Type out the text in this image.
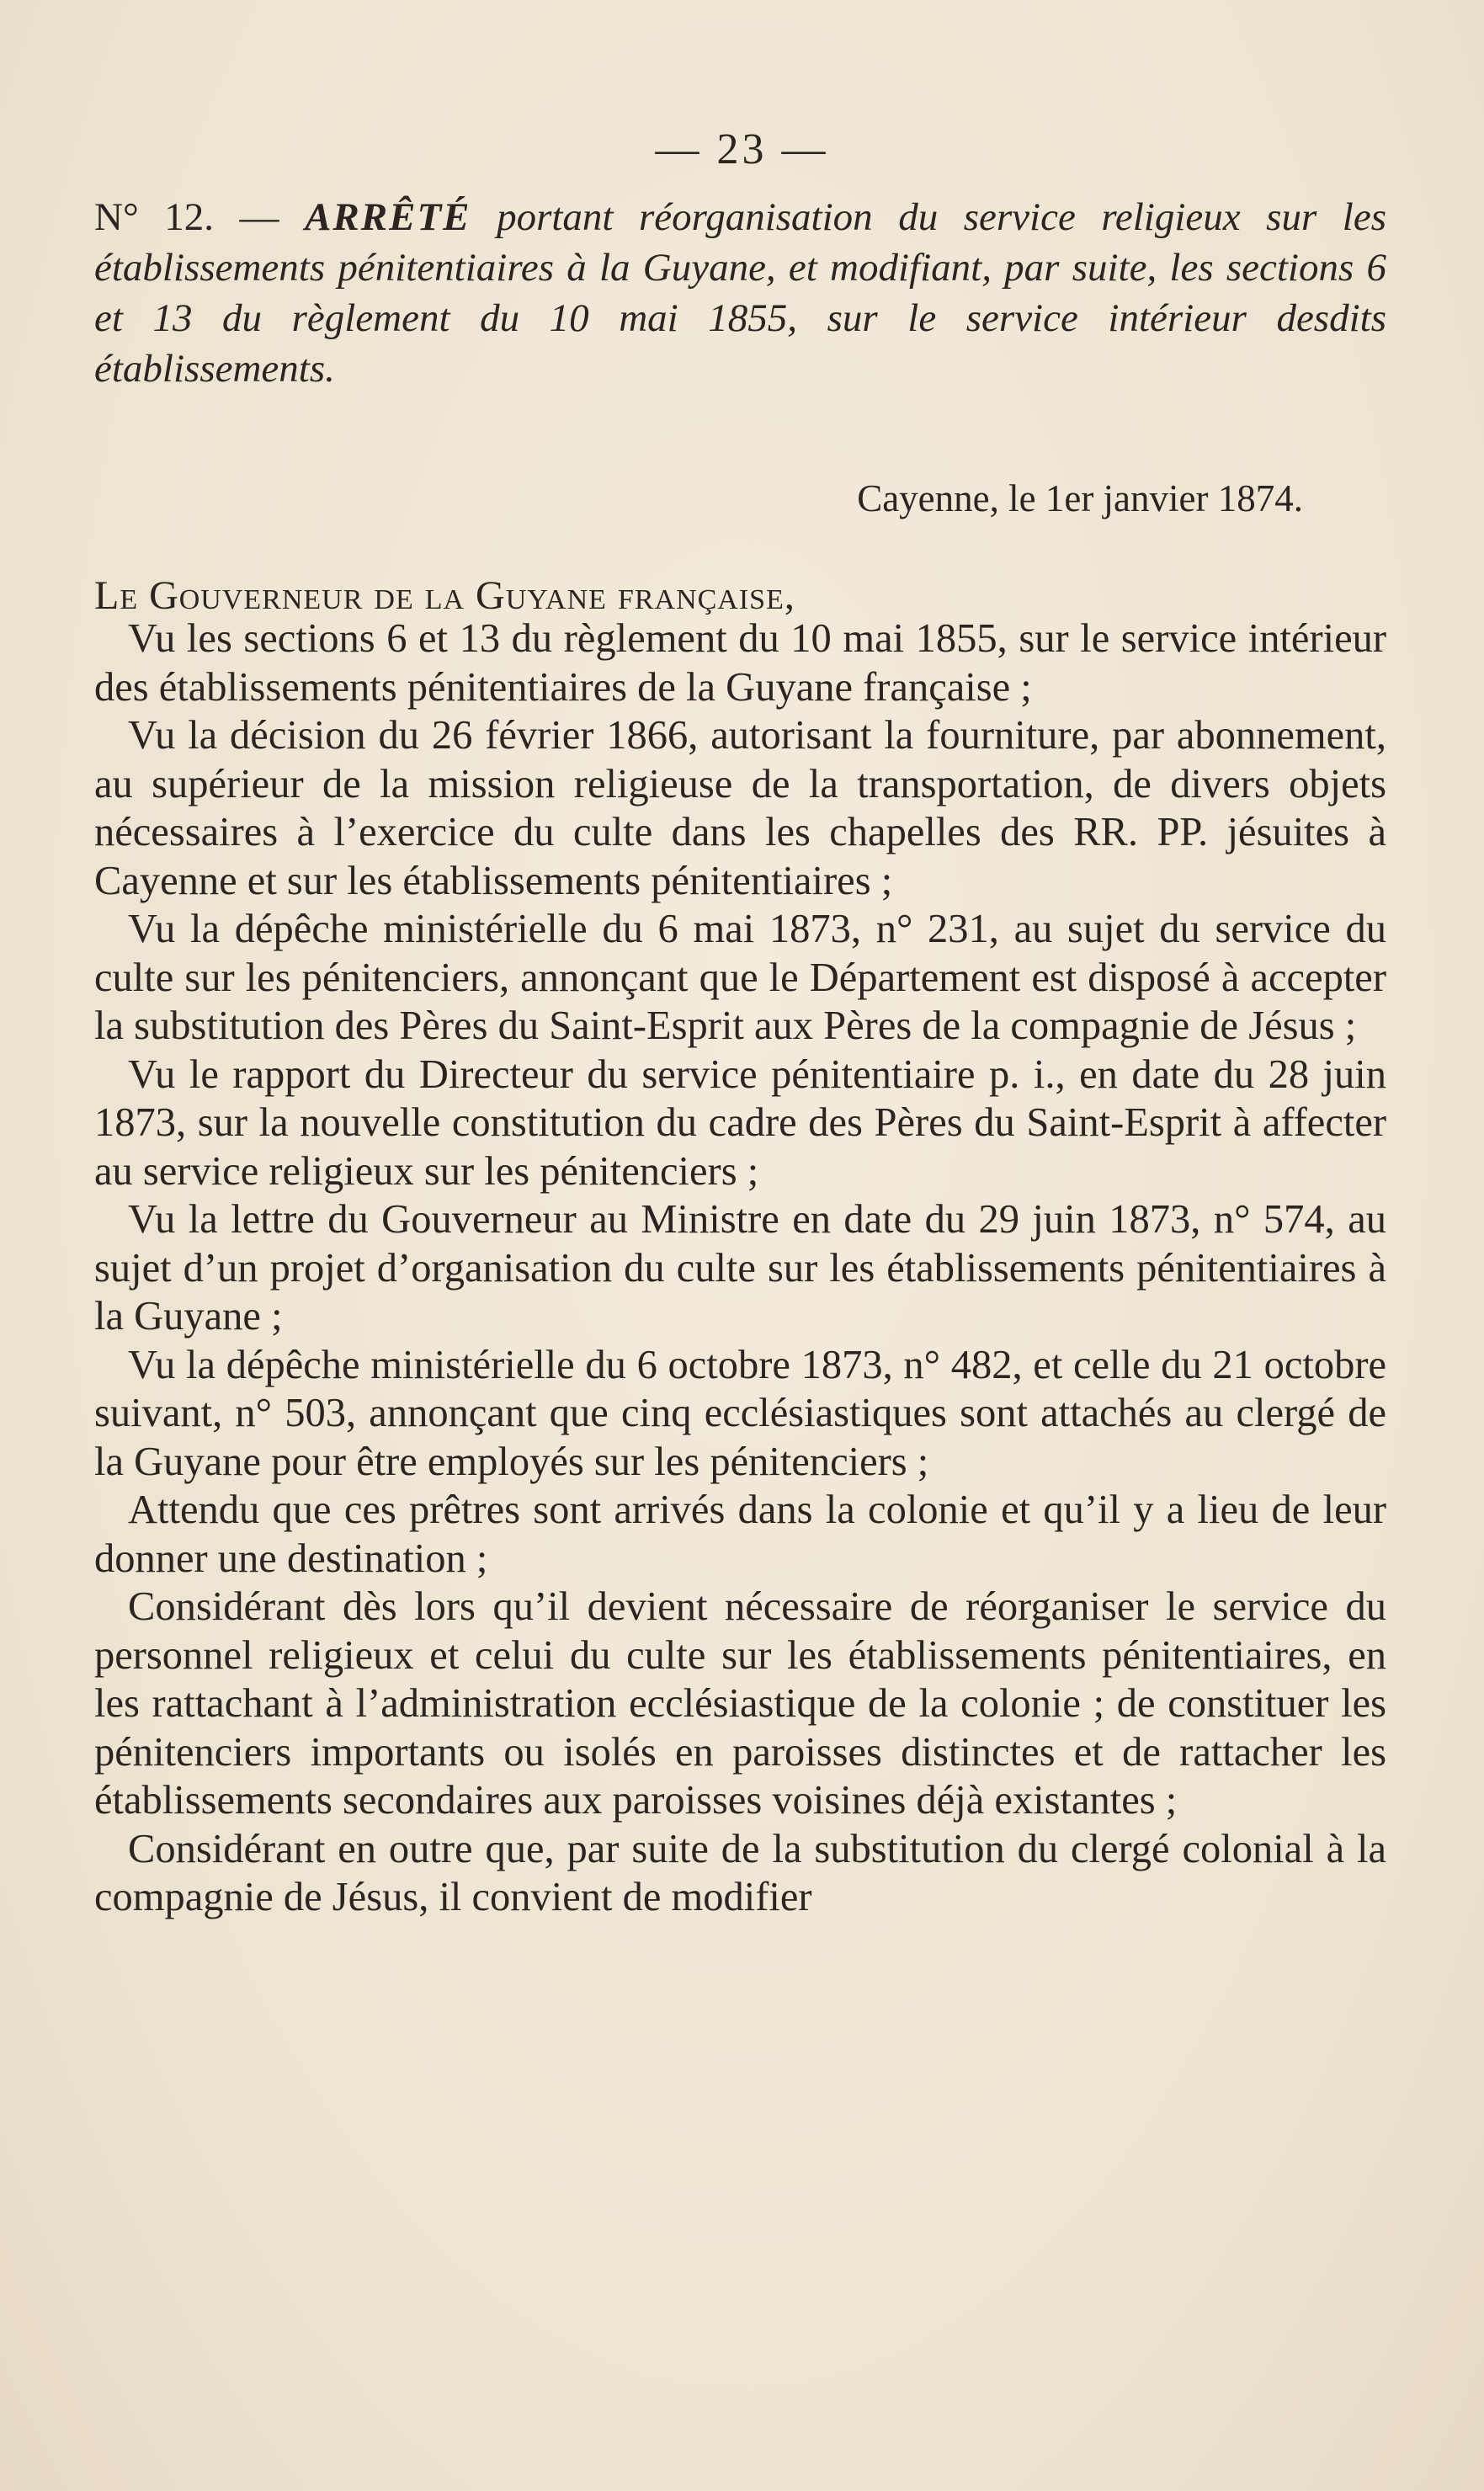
— 23 —
N° 12. — ARRÊTÉ portant réorganisation du service religieux sur les établissements pénitentiaires à la Guyane, et modifiant, par suite, les sections 6 et 13 du règlement du 10 mai 1855, sur le service intérieur desdits établissements.
Cayenne, le 1er janvier 1874.
Le Gouverneur de la Guyane française,

Vu les sections 6 et 13 du règlement du 10 mai 1855, sur le service intérieur des établissements pénitentiaires de la Guyane française ;

Vu la décision du 26 février 1866, autorisant la fourniture, par abonnement, au supérieur de la mission religieuse de la transportation, de divers objets nécessaires à l’exercice du culte dans les chapelles des RR. PP. jésuites à Cayenne et sur les établissements pénitentiaires ;

Vu la dépêche ministérielle du 6 mai 1873, n° 231, au sujet du service du culte sur les pénitenciers, annonçant que le Département est disposé à accepter la substitution des Pères du Saint-Esprit aux Pères de la compagnie de Jésus ;

Vu le rapport du Directeur du service pénitentiaire p. i., en date du 28 juin 1873, sur la nouvelle constitution du cadre des Pères du Saint-Esprit à affecter au service religieux sur les pénitenciers ;

Vu la lettre du Gouverneur au Ministre en date du 29 juin 1873, n° 574, au sujet d’un projet d’organisation du culte sur les établissements pénitentiaires à la Guyane ;

Vu la dépêche ministérielle du 6 octobre 1873, n° 482, et celle du 21 octobre suivant, n° 503, annonçant que cinq ecclésiastiques sont attachés au clergé de la Guyane pour être employés sur les pénitenciers ;

Attendu que ces prêtres sont arrivés dans la colonie et qu’il y a lieu de leur donner une destination ;

Considérant dès lors qu’il devient nécessaire de réorganiser le service du personnel religieux et celui du culte sur les établissements pénitentiaires, en les rattachant à l’administration ecclésiastique de la colonie ; de constituer les pénitenciers importants ou isolés en paroisses distinctes et de rattacher les établissements secondaires aux paroisses voisines déjà existantes ;

Considérant en outre que, par suite de la substitution du clergé colonial à la compagnie de Jésus, il convient de modifier
